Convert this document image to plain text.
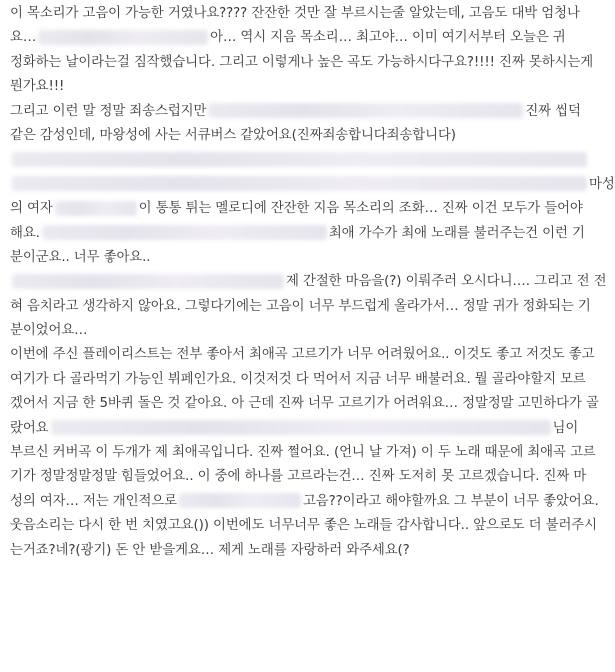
이 목소리가 고음이 가능한 거였나요???? 잔잔한 것만 잘 부르시는줄 알았는데, 고음도 대박 엄청나
요…	아… 역시 지음 목소리… 최고야… 이미 여기서부터 오늘은 귀
정화하는 날이라는걸 짐작했습니다. 그리고 이렇게나 높은 곡도 가능하시다구요?!!!! 진짜 못하시는게
뭔가요!!!
그리고 이런 말 정말 죄송스럽지만	진짜 씹덕
같은 감성인데, 마왕성에 사는 서큐버스 같았어요(진짜죄송합니다죄송합니다)
마성
의 여자	이 통통 튀는 멜로디에 잔잔한 지음 목소리의 조화… 진짜 이건 모두가 들어야
해요.	최애 가수가 최애 노래를 불러주는건 이런 기
분이군요.. 너무 좋아요..
제 간절한 마음을(?) 이뤄주러 오시다니…. 그리고 전 전
혀 음치라고 생각하지 않아요. 그렇다기에는 고음이 너무 부드럽게 올라가서… 정말 귀가 정화되는 기
분이었어요…
이번에 주신 플레이리스트는 전부 좋아서 최애곡 고르기가 너무 어려웠어요.. 이것도 좋고 저것도 좋고
여기가 다 골라먹기 가능인 뷔페인가요. 이것저것 다 먹어서 지금 너무 배불러요. 뭘 골라야할지 모르
겠어서 지금 한 5바퀴 돌은 것 같아요. 아 근데 진짜 너무 고르기가 어려워요… 정말정말 고민하다가 골
랐어요	님이
부르신 커버곡 이 두개가 제 최애곡입니다. 진짜 쩔어요. (언니 날 가져) 이 두 노래 때문에 최애곡 고르
기가 정말정말정말 힘들었어요.. 이 중에 하나를 고르라는건… 진짜 도저히 못 고르겠습니다. 진짜 마
성의 여자… 저는 개인적으로	고음??이라고 해야할까요 그 부분이 너무 좋았어요.
웃음소리는 다시 한 번 치였고요()) 이번에도 너무너무 좋은 노래들 감사합니다.. 앞으로도 더 불러주시
는거죠?네?(광기) 돈 안 받을게요… 제게 노래를 자랑하러 와주세요(?
